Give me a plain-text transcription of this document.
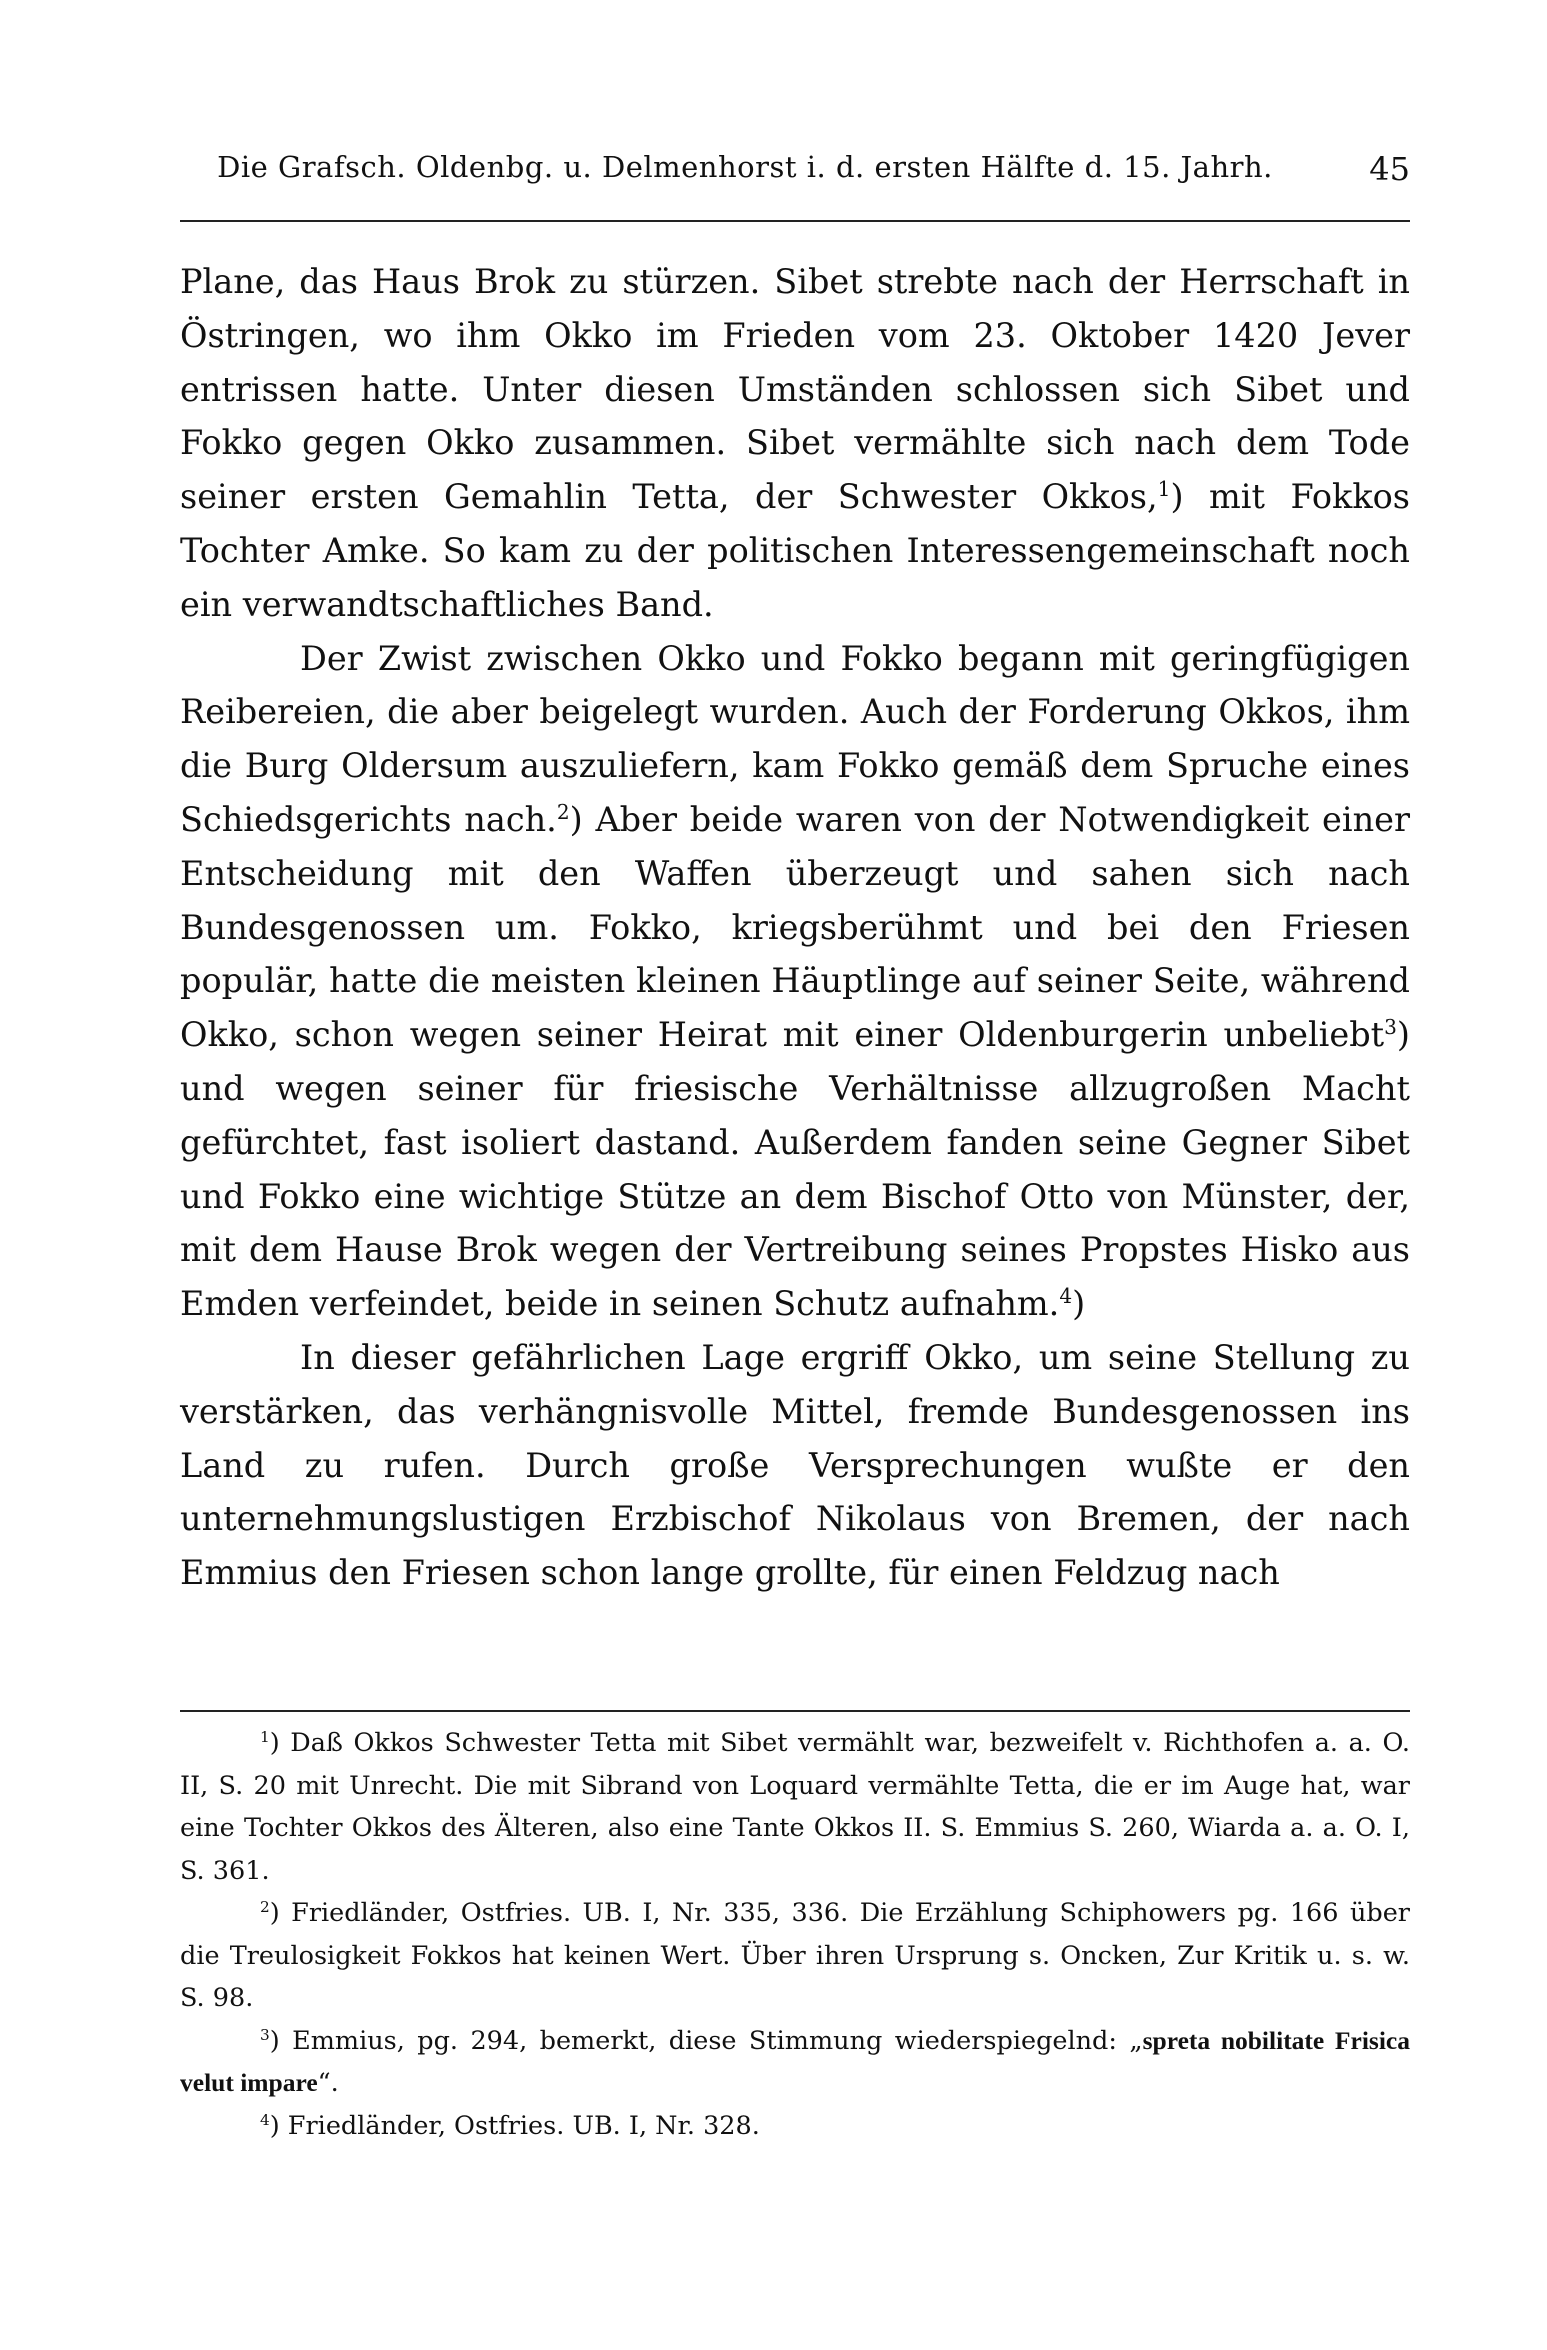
Die Grafsch. Oldenbg. u. Delmenhorst i. d. ersten Hälfte d. 15. Jahrh.	45

Plane, das Haus Brok zu stürzen. Sibet strebte nach der Herrschaft in Östringen, wo ihm Okko im Frieden vom 23. Oktober 1420 Jever entrissen hatte. Unter diesen Umständen schlossen sich Sibet und Fokko gegen Okko zusammen. Sibet vermählte sich nach dem Tode seiner ersten Gemahlin Tetta, der Schwester Okkos,$^1$) mit Fokkos Tochter Amke. So kam zu der politischen Interessengemeinschaft noch ein verwandtschaftliches Band.

Der Zwist zwischen Okko und Fokko begann mit geringfügigen Reibereien, die aber beigelegt wurden. Auch der Forderung Okkos, ihm die Burg Oldersum auszuliefern, kam Fokko gemäß dem Spruche eines Schiedsgerichts nach.$^2$) Aber beide waren von der Notwendigkeit einer Entscheidung mit den Waffen überzeugt und sahen sich nach Bundesgenossen um. Fokko, kriegsberühmt und bei den Friesen populär, hatte die meisten kleinen Häuptlinge auf seiner Seite, während Okko, schon wegen seiner Heirat mit einer Oldenburgerin unbeliebt$^3$) und wegen seiner für friesische Verhältnisse allzugroßen Macht gefürchtet, fast isoliert dastand. Außerdem fanden seine Gegner Sibet und Fokko eine wichtige Stütze an dem Bischof Otto von Münster, der, mit dem Hause Brok wegen der Vertreibung seines Propstes Hisko aus Emden verfeindet, beide in seinen Schutz aufnahm.$^4$)

In dieser gefährlichen Lage ergriff Okko, um seine Stellung zu verstärken, das verhängnisvolle Mittel, fremde Bundesgenossen ins Land zu rufen. Durch große Versprechungen wußte er den unternehmungslustigen Erzbischof Nikolaus von Bremen, der nach Emmius den Friesen schon lange grollte, für einen Feldzug nach

$^1$) Daß Okkos Schwester Tetta mit Sibet vermählt war, bezweifelt v. Richthofen a. a. O. II, S. 20 mit Unrecht. Die mit Sibrand von Loquard vermählte Tetta, die er im Auge hat, war eine Tochter Okkos des Älteren, also eine Tante Okkos II. S. Emmius S. 260, Wiarda a. a. O. I, S. 361.

$^2$) Friedländer, Ostfries. UB. I, Nr. 335, 336. Die Erzählung Schiphowers pg. 166 über die Treulosigkeit Fokkos hat keinen Wert. Über ihren Ursprung s. Oncken, Zur Kritik u. s. w. S. 98.

$^3$) Emmius, pg. 294, bemerkt, diese Stimmung wiederspiegelnd: „spreta nobilitate Frisica velut impare“.

$^4$) Friedländer, Ostfries. UB. I, Nr. 328.
